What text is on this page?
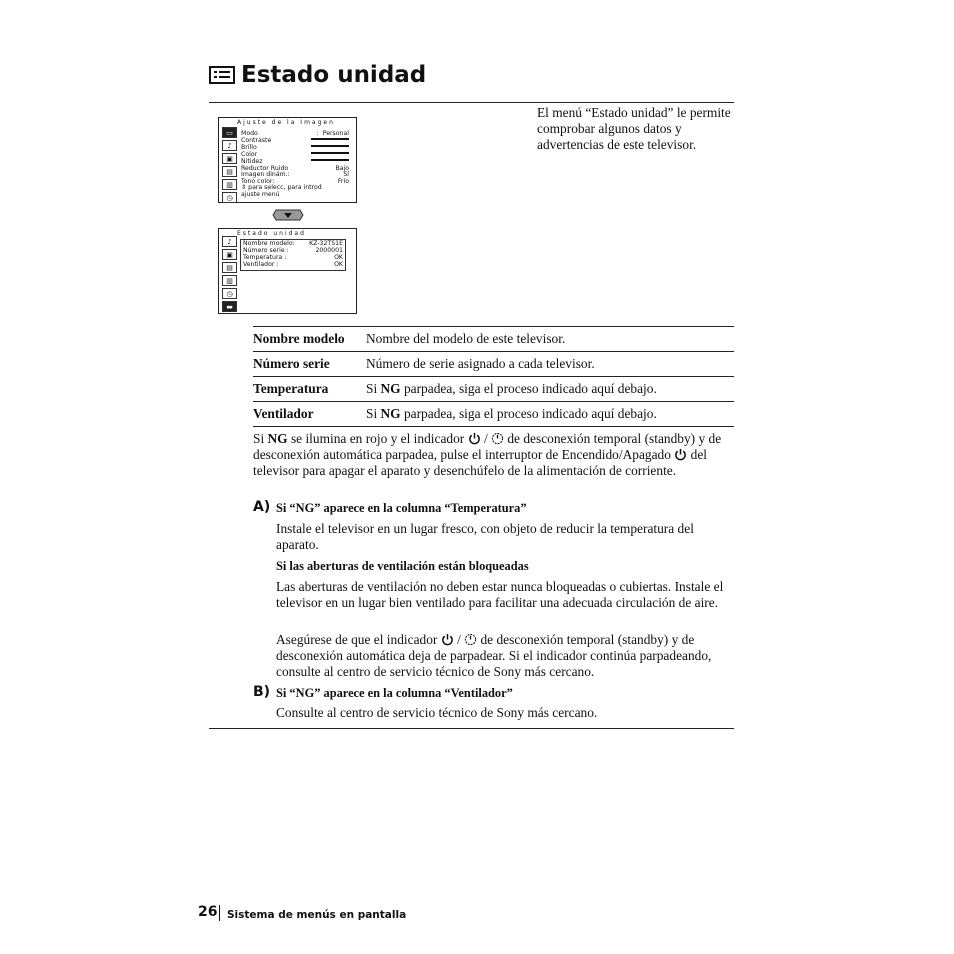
Estado unidad
El menú “Estado unidad” le permite comprobar algunos datos y advertencias de este televisor.
Ajuste de la Imagen
▭
♪
▣
▤
▥
◷
Modo	:  Personal
Contraste
Brillo
Color
Nitidez
Reductor Ruido	Bajo
Imagen dinám.:	Sí
Tono color:	Frío
⇕ para selecc, para introd
ajuste menú
Estado unidad
♪
▣
▤
▥
◷
▬
Nombre modelo: KZ-32TS1E
Número serie :	2000001
Temperatura :	OK
Ventilador :	OK
Nombre modelo	Nombre del modelo de este televisor.
Número serie	Número de serie asignado a cada televisor.
Temperatura	Si NG parpadea, siga el proceso indicado aquí debajo.
Ventilador	Si NG parpadea, siga el proceso indicado aquí debajo.
Si NG se ilumina en rojo y el indicador  /  de desconexión temporal (standby) y de desconexión automática parpadea, pulse el interruptor de Encendido/Apagado  del televisor para apagar el aparato y desenchúfelo de la alimentación de corriente.
A) Si “NG” aparece en la columna “Temperatura”
Instale el televisor en un lugar fresco, con objeto de reducir la temperatura del aparato.
Si las aberturas de ventilación están bloqueadas
Las aberturas de ventilación no deben estar nunca bloqueadas o cubiertas. Instale el televisor en un lugar bien ventilado para facilitar una adecuada circulación de aire.
Asegúrese de que el indicador  /  de desconexión temporal (standby) y de desconexión automática deja de parpadear. Si el indicador continúa parpadeando, consulte al centro de servicio técnico de Sony más cercano.
B) Si “NG” aparece en la columna “Ventilador”
Consulte al centro de servicio técnico de Sony más cercano.
26 Sistema de menús en pantalla
